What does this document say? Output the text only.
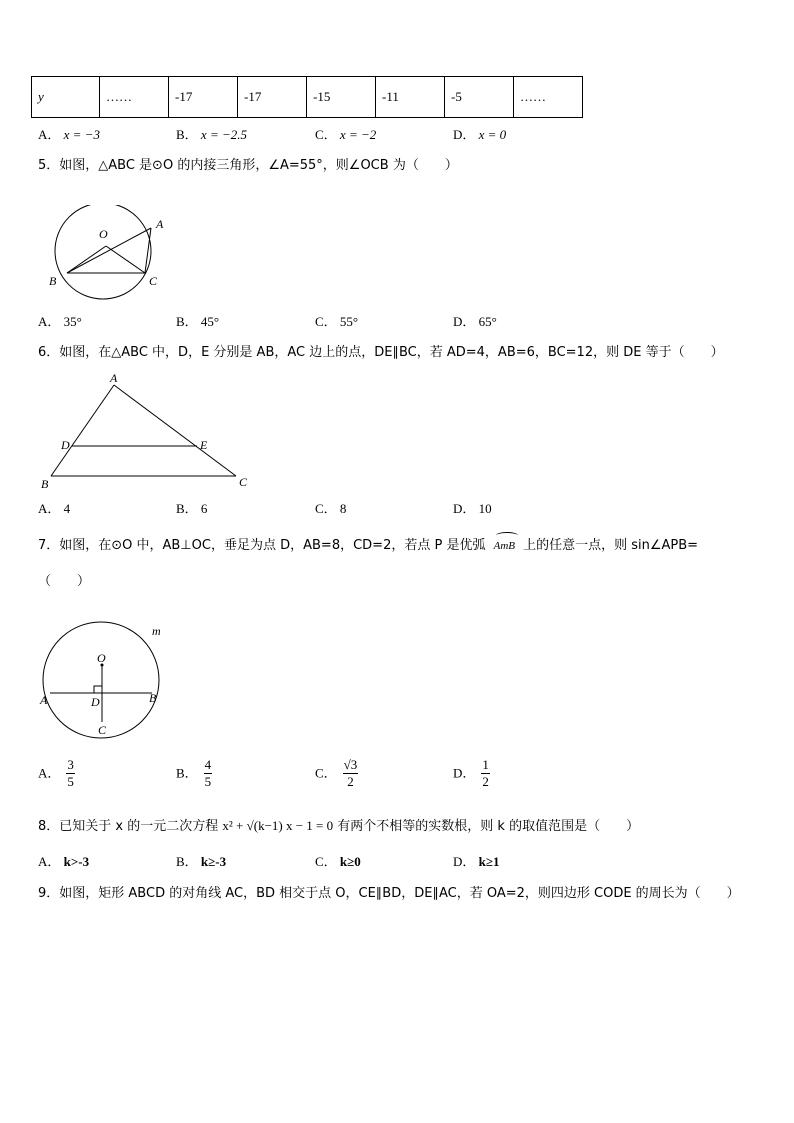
y	……	-17	-17	-15	-11	-5	……
A． x = −3	B． x = −2.5	C． x = −2	D． x = 0
5．如图，△ABC 是⊙O 的内接三角形，∠A=55°，则∠OCB 为（　　）
O
A
B	C
A． 35°	B． 45°	C． 55°	D． 65°
6．如图，在△ABC 中，D，E 分别是 AB，AC 边上的点，DE∥BC，若 AD=4，AB=6，BC=12，则 DE 等于（　　）
A
D	E
B	C
A． 4	B． 6	C． 8	D． 10
7．如图，在⊙O 中，AB⊥OC，垂足为点 D，AB=8，CD=2，若点 P 是优弧 AmB 上的任意一点，则 sin∠APB=
（　　）
O
A	D	B
C
m
A． $\frac{3}{5}$	B． $\frac{4}{5}$	C． $\frac{√3}{2}$	D． $\frac{1}{2}$
8．已知关于 x 的一元二次方程 x² + √(k−1) x − 1 = 0 有两个不相等的实数根，则 k 的取值范围是（　　）
A． k>-3	B． k≥-3	C． k≥0	D． k≥1
9．如图，矩形 ABCD 的对角线 AC，BD 相交于点 O，CE∥BD，DE∥AC，若 OA=2，则四边形 CODE 的周长为（　　）
